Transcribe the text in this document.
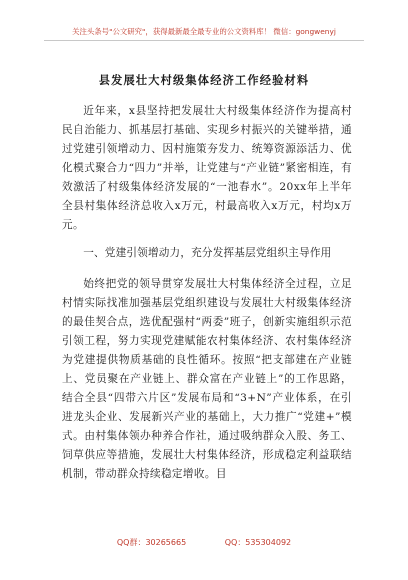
关注头条号"公文研究"，获得最新最全最专业的公文资料库！ 微信：gongwenyj
县发展壮大村级集体经济工作经验材料

近年来，x县坚持把发展壮大村级集体经济作为提高村民自治能力、抓基层打基础、实现乡村振兴的关键举措，通过党建引领增动力、因村施策夯发力、统筹资源添活力、优化模式聚合力“四力”并举，让党建与“产业链”紧密相连，有效激活了村级集体经济发展的“一池春水”。20xx年上半年全县村集体经济总收入x万元，村最高收入x万元，村均x万元。

一、党建引领增动力，充分发挥基层党组织主导作用

始终把党的领导贯穿发展壮大村集体经济全过程，立足村情实际找准加强基层党组织建设与发展壮大村级集体经济的最佳契合点，选优配强村“两委”班子，创新实施组织示范引领工程，努力实现党建赋能农村集体经济、农村集体经济为党建提供物质基础的良性循环。按照“把支部建在产业链上、党员聚在产业链上、群众富在产业链上”的工作思路，结合全县“四带六片区”发展布局和“3+N”产业体系，在引进龙头企业、发展新兴产业的基础上，大力推广“党建+”模式。由村集体领办种养合作社，通过吸纳群众入股、务工、饲草供应等措施，发展壮大村集体经济，形成稳定利益联结机制，带动群众持续稳定增收。目

QQ群：30265665	QQ：535304092
